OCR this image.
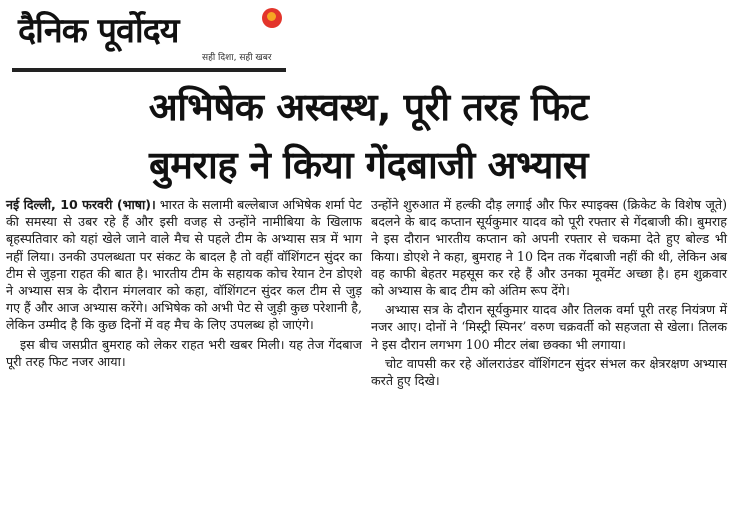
दैनिक पूर्वोदय
सही दिशा, सही खबर
अभिषेक अस्वस्थ, पूरी तरह फिट
बुमराह ने किया गेंदबाजी अभ्यास

नई दिल्ली, 10 फरवरी (भाषा)। भारत के सलामी बल्लेबाज अभिषेक शर्मा पेट की समस्या से उबर रहे हैं और इसी वजह से उन्होंने नामीबिया के खिलाफ बृहस्पतिवार को यहां खेले जाने वाले मैच से पहले टीम के अभ्यास सत्र में भाग नहीं लिया। उनकी उपलब्धता पर संकट के बादल है तो वहीं वॉशिंगटन सुंदर का टीम से जुड़ना राहत की बात है। भारतीय टीम के सहायक कोच रेयान टेन डोएशे ने अभ्यास सत्र के दौरान मंगलवार को कहा, वॉशिंगटन सुंदर कल टीम से जुड़ गए हैं और आज अभ्यास करेंगे। अभिषेक को अभी पेट से जुड़ी कुछ परेशानी है, लेकिन उम्मीद है कि कुछ दिनों में वह मैच के लिए उपलब्ध हो जाएंगे।

इस बीच जसप्रीत बुमराह को लेकर राहत भरी खबर मिली। यह तेज गेंदबाज पूरी तरह फिट नजर आया।

उन्होंने शुरुआत में हल्की दौड़ लगाई और फिर स्पाइक्स (क्रिकेट के विशेष जूते) बदलने के बाद कप्तान सूर्यकुमार यादव को पूरी रफ्तार से गेंदबाजी की। बुमराह ने इस दौरान भारतीय कप्तान को अपनी रफ्तार से चकमा देते हुए बोल्ड भी किया। डोएशे ने कहा, बुमराह ने 10 दिन तक गेंदबाजी नहीं की थी, लेकिन अब वह काफी बेहतर महसूस कर रहे हैं और उनका मूवमेंट अच्छा है। हम शुक्रवार को अभ्यास के बाद टीम को अंतिम रूप देंगे।

अभ्यास सत्र के दौरान सूर्यकुमार यादव और तिलक वर्मा पूरी तरह नियंत्रण में नजर आए। दोनों ने ‘मिस्ट्री स्पिनर’ वरुण चक्रवर्ती को सहजता से खेला। तिलक ने इस दौरान लगभग 100 मीटर लंबा छक्का भी लगाया।

चोट वापसी कर रहे ऑलराउंडर वॉशिंगटन सुंदर संभल कर क्षेत्ररक्षण अभ्यास करते हुए दिखे।
